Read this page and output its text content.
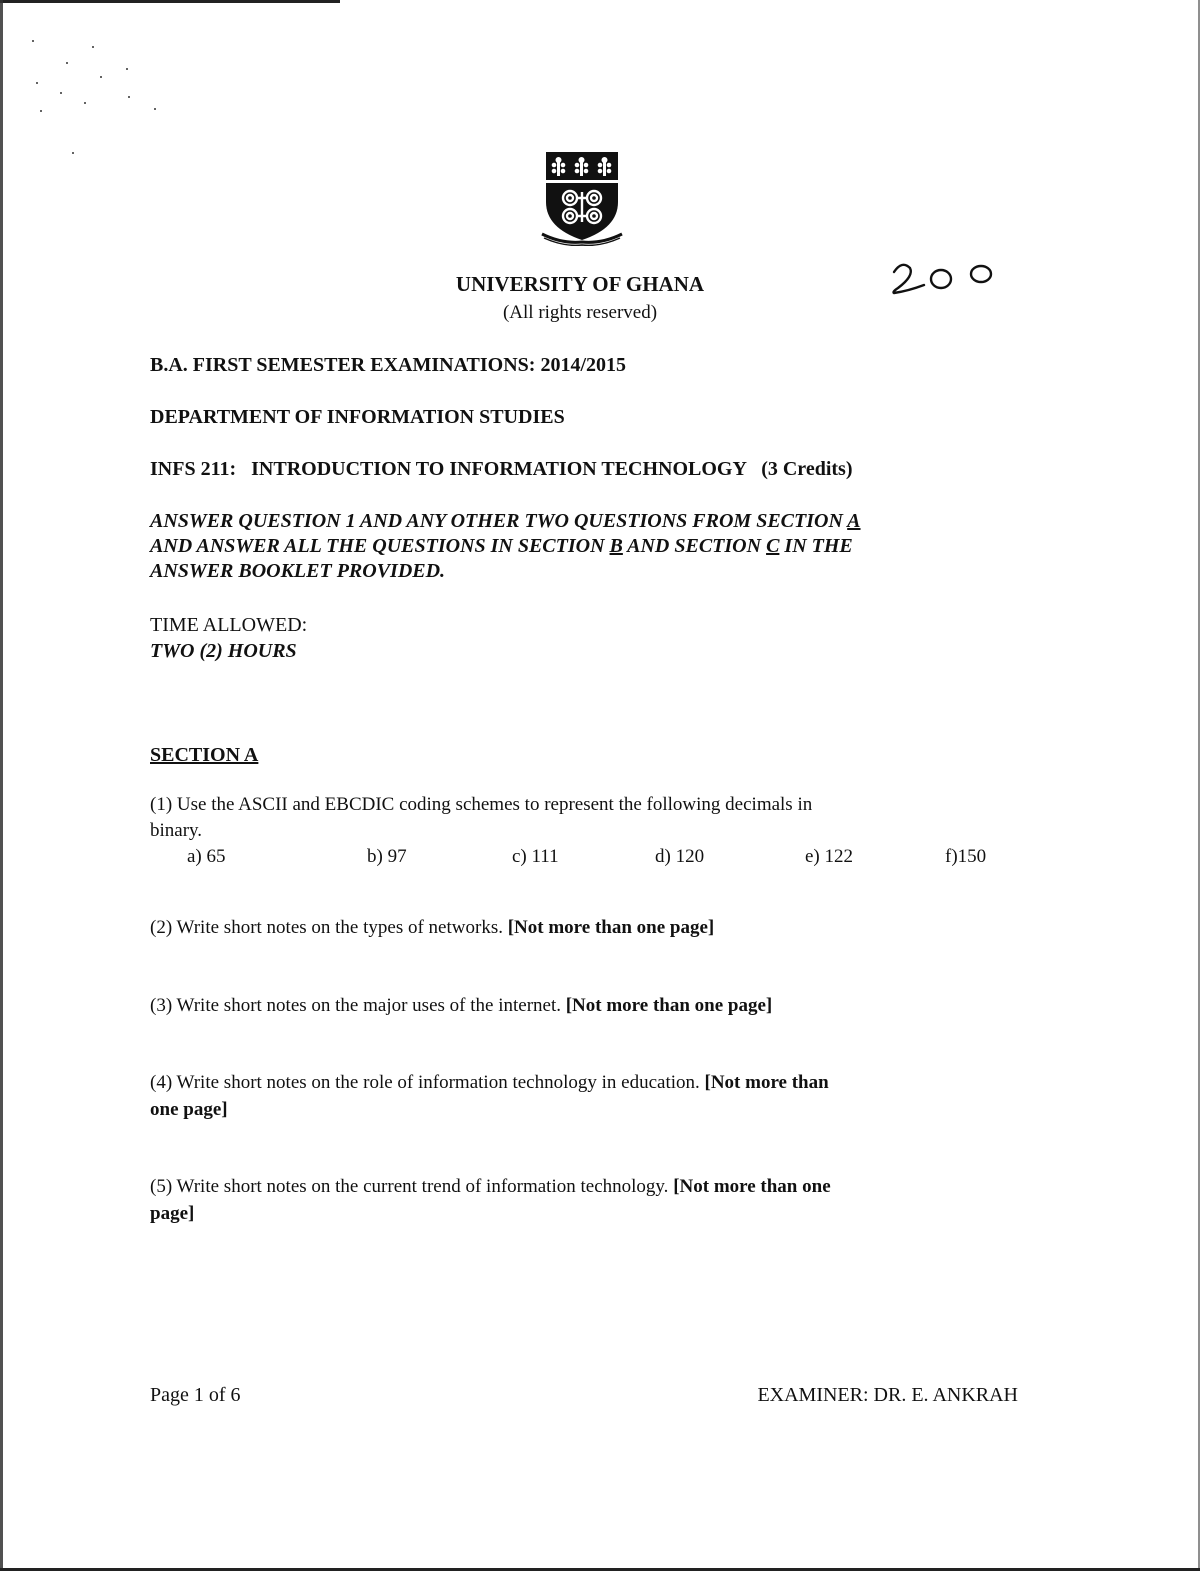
UNIVERSITY OF GHANA
(All rights reserved)
B.A. FIRST SEMESTER EXAMINATIONS: 2014/2015
DEPARTMENT OF INFORMATION STUDIES
INFS 211:   INTRODUCTION TO INFORMATION TECHNOLOGY (3 Credits)
ANSWER QUESTION 1 AND ANY OTHER TWO QUESTIONS FROM SECTION A
AND ANSWER ALL THE QUESTIONS IN SECTION B AND SECTION C IN THE
ANSWER BOOKLET PROVIDED.
TIME ALLOWED:
TWO (2) HOURS
SECTION A
(1) Use the ASCII and EBCDIC coding schemes to represent the following decimals in
binary.
a) 65	b) 97	c) 111	d) 120	e) 122	f)150
(2) Write short notes on the types of networks. [Not more than one page]
(3) Write short notes on the major uses of the internet. [Not more than one page]
(4) Write short notes on the role of information technology in education. [Not more than
one page]
(5) Write short notes on the current trend of information technology. [Not more than one
page]
Page 1 of 6	EXAMINER: DR. E. ANKRAH
